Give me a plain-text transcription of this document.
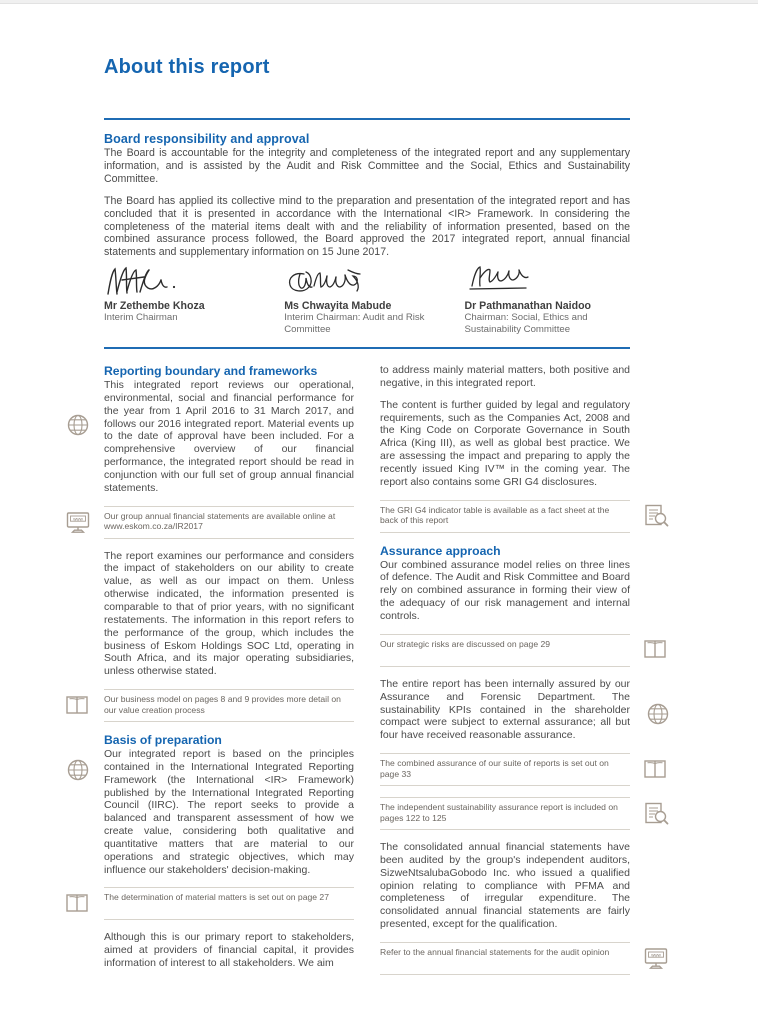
About this report
Board responsibility and approval

The Board is accountable for the integrity and completeness of the integrated report and any supplementary information, and is assisted by the Audit and Risk Committee and the Social, Ethics and Sustainability Committee.

The Board has applied its collective mind to the preparation and presentation of the integrated report and has concluded that it is presented in accordance with the International <IR> Framework. In considering the completeness of the material items dealt with and the reliability of information presented, based on the combined assurance process followed, the Board approved the 2017 integrated report, annual financial statements and supplementary information on 15 June 2017.

Mr Zethembe Khoza
Interim Chairman
Ms Chwayita Mabude
Interim Chairman: Audit and Risk Committee
Dr Pathmanathan Naidoo
Chairman: Social, Ethics and Sustainability Committee
Reporting boundary and frameworks

This integrated report reviews our operational, environmental, social and financial performance for the year from 1 April 2016 to 31 March 2017, and follows our 2016 integrated report. Material events up to the date of approval have been included. For a comprehensive overview of our financial performance, the integrated report should be read in conjunction with our full set of group annual financial statements.

www Our group annual financial statements are available online at www.eskom.co.za/IR2017

The report examines our performance and considers the impact of stakeholders on our ability to create value, as well as our impact on them. Unless otherwise indicated, the information presented is comparable to that of prior years, with no significant restatements. The information in this report refers to the performance of the group, which includes the business of Eskom Holdings SOC Ltd, operating in South Africa, and its major operating subsidiaries, unless otherwise stated.

Our business model on pages 8 and 9 provides more detail on our value creation process
Basis of preparation

Our integrated report is based on the principles contained in the International Integrated Reporting Framework (the International <IR> Framework) published by the International Integrated Reporting Council (IIRC). The report seeks to provide a balanced and transparent assessment of how we create value, considering both qualitative and quantitative matters that are material to our operations and strategic objectives, which may influence our stakeholders' decision-making.

The determination of material matters is set out on page 27

Although this is our primary report to stakeholders, aimed at providers of financial capital, it provides information of interest to all stakeholders. We aim

to address mainly material matters, both positive and negative, in this integrated report.

The content is further guided by legal and regulatory requirements, such as the Companies Act, 2008 and the King Code on Corporate Governance in South Africa (King III), as well as global best practice. We are assessing the impact and preparing to apply the recently issued King IV™ in the coming year. The report also contains some GRI G4 disclosures.

The GRI G4 indicator table is available as a fact sheet at the back of this report
Assurance approach

Our combined assurance model relies on three lines of defence. The Audit and Risk Committee and Board rely on combined assurance in forming their view of the adequacy of our risk management and internal controls.

Our strategic risks are discussed on page 29

The entire report has been internally assured by our Assurance and Forensic Department. The sustainability KPIs contained in the shareholder compact were subject to external assurance; all but four have received reasonable assurance.

The combined assurance of our suite of reports is set out on page 33
The independent sustainability assurance report is included on pages 122 to 125

The consolidated annual financial statements have been audited by the group's independent auditors, SizweNtsalubaGobodo Inc. who issued a qualified opinion relating to compliance with PFMA and completeness of irregular expenditure. The consolidated annual financial statements are fairly presented, except for the qualification.

www
Refer to the annual financial statements for the audit opinion
